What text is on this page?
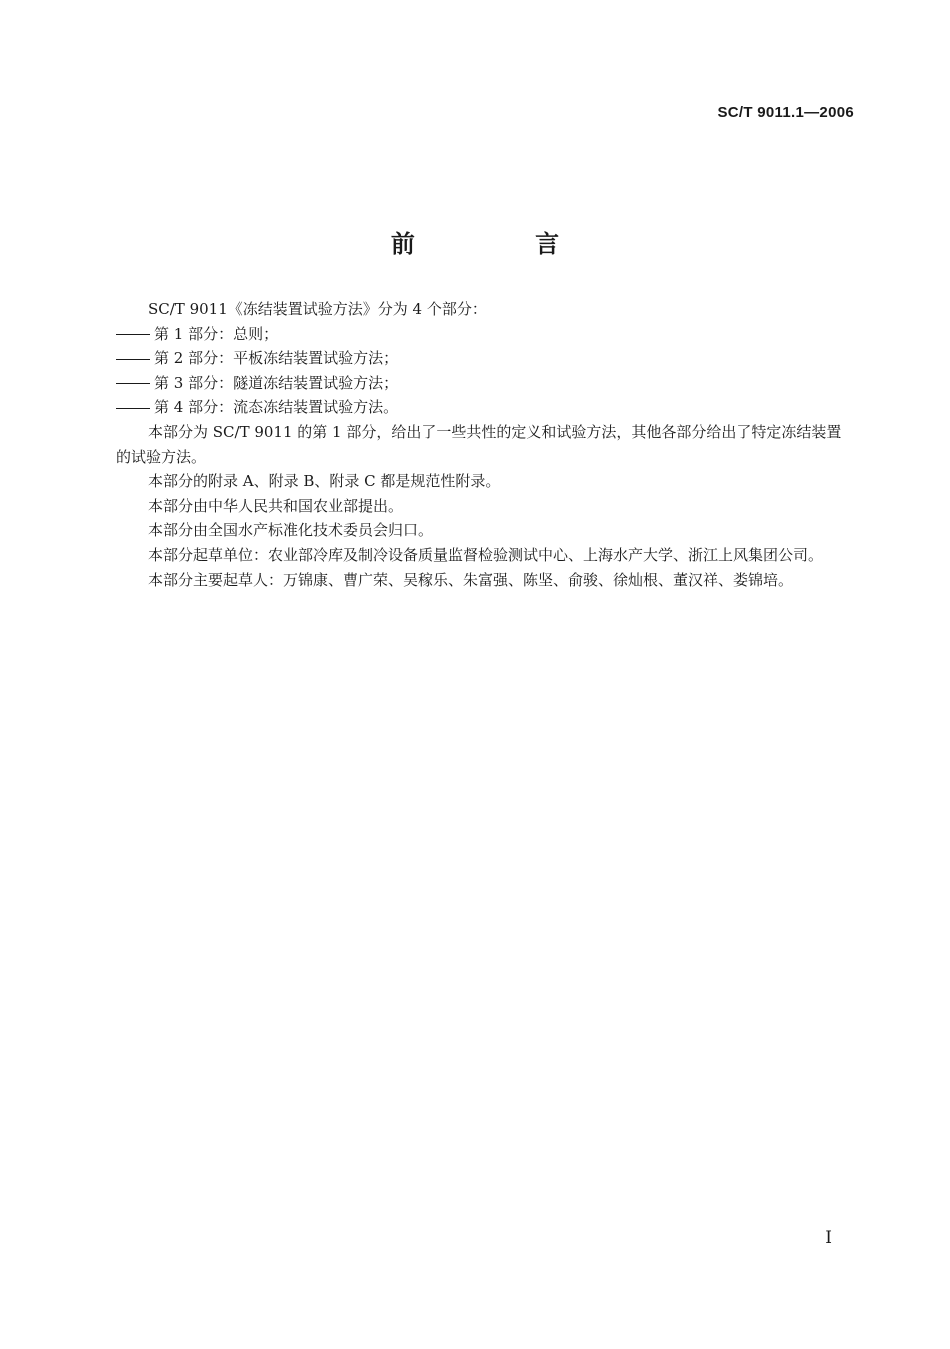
SC/T 9011.1—2006
前 言

SC/T 9011《冻结装置试验方法》分为 4 个部分：

第 1 部分：总则；

第 2 部分：平板冻结装置试验方法；

第 3 部分：隧道冻结装置试验方法；

第 4 部分：流态冻结装置试验方法。

本部分为 SC/T 9011 的第 1 部分，给出了一些共性的定义和试验方法，其他各部分给出了特定冻结装置的试验方法。

本部分的附录 A、附录 B、附录 C 都是规范性附录。

本部分由中华人民共和国农业部提出。

本部分由全国水产标准化技术委员会归口。

本部分起草单位：农业部冷库及制冷设备质量监督检验测试中心、上海水产大学、浙江上风集团公司。

本部分主要起草人：万锦康、曹广荣、吴稼乐、朱富强、陈坚、俞骏、徐灿根、董汉祥、娄锦培。

I
